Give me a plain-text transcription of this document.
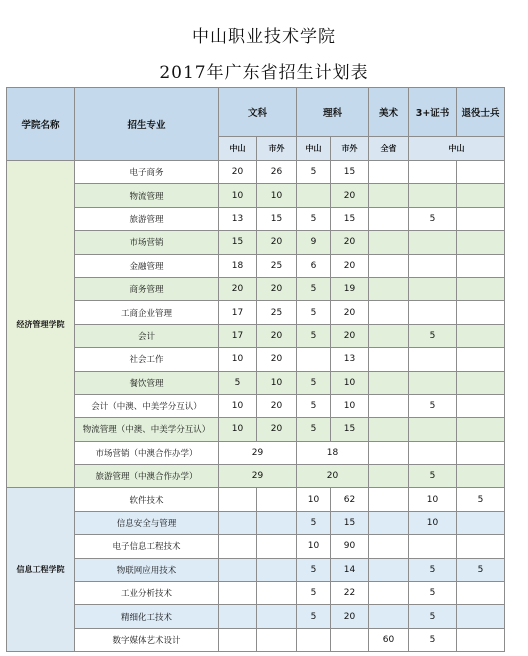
中山职业技术学院
2017年广东省招生计划表
学院名称	招生专业	文科		理科		美术	3+证书	退役士兵
		中山	市外	中山	市外	全省	中山	
经济管理学院	电子商务	20	26	5	15			
	物流管理	10	10		20			
	旅游管理	13	15	5	15		5	
	市场营销	15	20	9	20			
	金融管理	18	25	6	20			
	商务管理	20	20	5	19			
	工商企业管理	17	25	5	20			
	会计	17	20	5	20		5	
	社会工作	10	20		13			
	餐饮管理	5	10	5	10			
	会计（中澳、中美学分互认）	10	20	5	10		5	
	物流管理（中澳、中美学分互认）	10	20	5	15			
	市场营销（中澳合作办学）	29		18				
	旅游管理（中澳合作办学）	29		20			5	
信息工程学院	软件技术			10	62		10	5
	信息安全与管理			5	15		10	
	电子信息工程技术			10	90			
	物联网应用技术			5	14		5	5
	工业分析技术			5	22		5	
	精细化工技术			5	20		5	
	数字媒体艺术设计					60	5	
